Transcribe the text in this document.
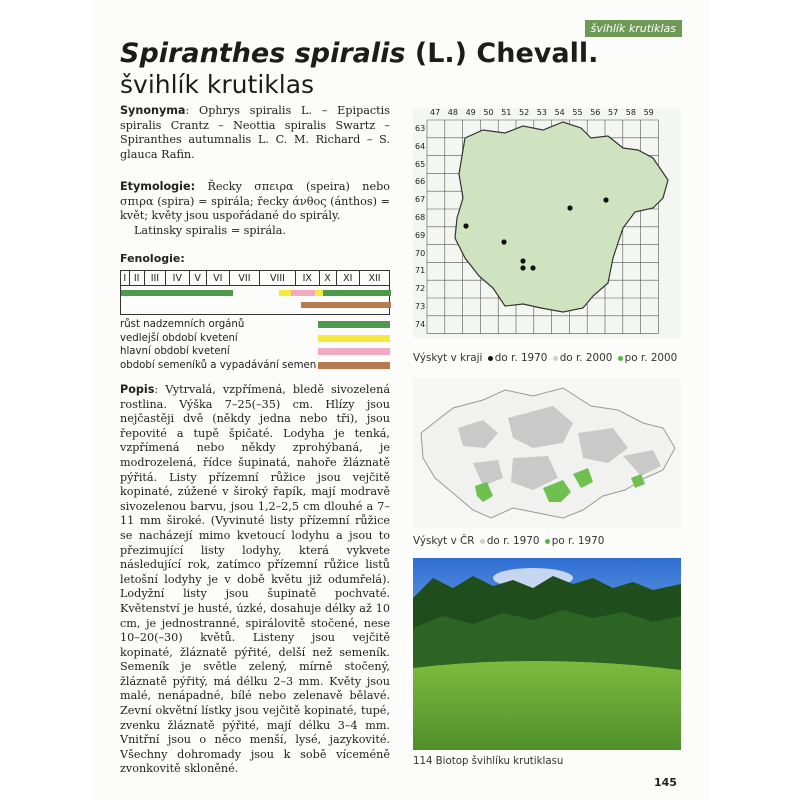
švihlík krutiklas
Spiranthes spiralis (L.) Chevall.
švihlík krutiklas
Synonyma: Ophrys spiralis L. – Epipactis spiralis Crantz – Neottia spiralis Swartz – Spiranthes autumnalis L. C. M. Richard – S. glauca Rafin.
Etymologie: Řecky σπειρα (speira) nebo σπιρα (spira) = spirála; řecky άνθος (ánthos) = květ; květy jsou uspořádané do spirály.
Latinsky spiralis = spirála.
Fenologie:
I	II	III	IV	V	VI	VII	VIII	IX	X	XI	XII
růst nadzemních orgánů
vedlejší období kvetení
hlavní období kvetení
období semeníků a vypadávání semen
Popis: Vytrvalá, vzpřímená, bledě sivozelená rostlina. Výška 7–25(–35) cm. Hlízy jsou nejčastěji dvě (někdy jedna nebo tři), jsou řepovité a tupě špičaté. Lodyha je tenká, vzpřímená nebo někdy zprohýbaná, je modrozelená, řídce šupinatá, nahoře žláznatě pýřitá. Listy přízemní růžice jsou vejčitě kopinaté, zúžené v široký řapík, mají modravě sivozelenou barvu, jsou 1,2–2,5 cm dlouhé a 7–11 mm široké. (Vyvinuté listy přízemní růžice se nacházejí mimo kvetoucí lodyhu a jsou to přezimující listy lodyhy, která vykvete následující rok, zatímco přízemní růžice listů letošní lodyhy je v době květu již odumřelá). Lodyžní listy jsou šupinatě pochvaté. Květenství je husté, úzké, dosahuje délky až 10 cm, je jednostranné, spirálovitě stočené, nese 10–20(–30) květů. Listeny jsou vejčitě kopinaté, žláznatě pýřité, delší než semeník. Semeník je světle zelený, mírně stočený, žláznatě pýřitý, má délku 2–3 mm. Květy jsou malé, nenápadné, bílé nebo zelenavě bělavé. Zevní okvětní lístky jsou vejčitě kopinaté, tupé, zvenku žláznatě pýřité, mají délku 3–4 mm. Vnitřní jsou o něco menší, lysé, jazykovité. Všechny dohromady jsou k sobě víceméně zvonkovitě skloněné.
47 48 49 50 51 52 53 54 55 56 57 58 59
63
64
65
66
67
68
69
70
71
72
73
74
Výskyt v kraji do r. 1970 do r. 2000 po r. 2000
Výskyt v ČR do r. 1970 po r. 1970
114 Biotop švihlíku krutiklasu
145
